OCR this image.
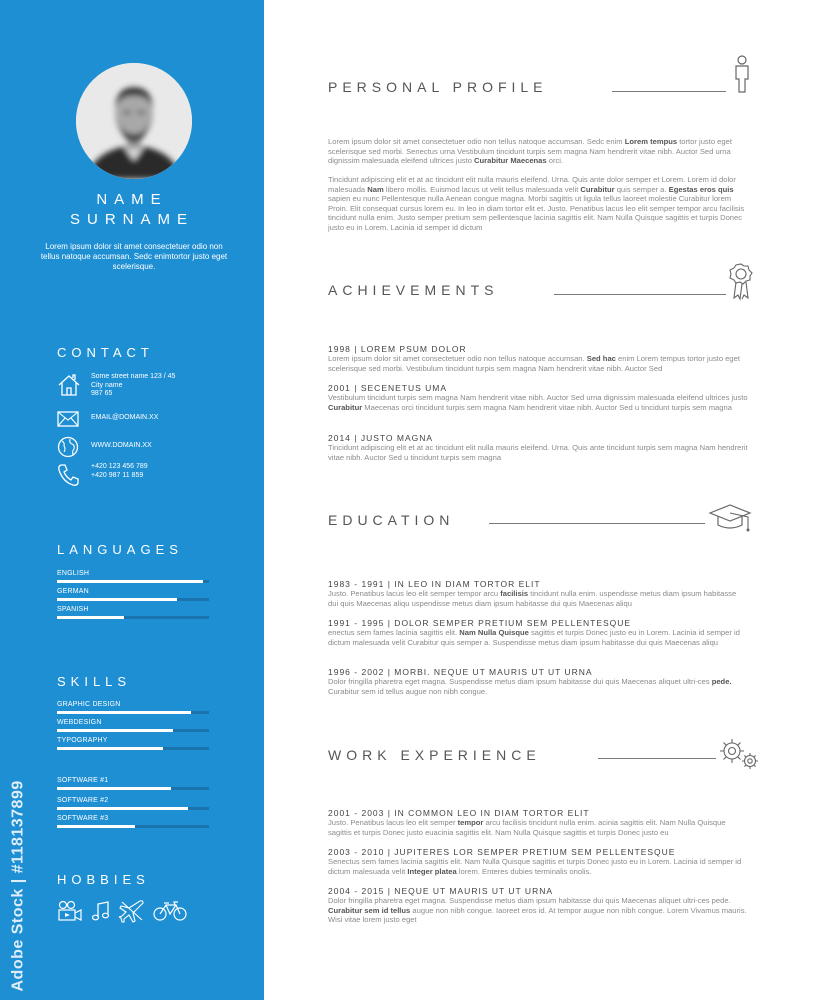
NAME
SURNAME
Lorem ipsum dolor sit amet consectetuer odio non tellus natoque accumsan. Sedc enimtortor justo eget scelerisque.
CONTACT
Some street name 123 / 45
City name
987 65
EMAIL@DOMAIN.XX
WWW.DOMAIN.XX
+420 123 456 789
+420 987 11 859
LANGUAGES
ENGLISH
GERMAN
SPANISH
SKILLS
GRAPHIC DESIGN
WEBDESIGN
TYPOGRAPHY
SOFTWARE #1
SOFTWARE #2
SOFTWARE #3
HOBBIES
Adobe Stock | #118137899
PERSONAL PROFILE
Lorem ipsum dolor sit amet consectetuer odio non tellus natoque accumsan. Sedc enim Lorem tempus tortor justo eget scelerisque sed morbi. Senectus urna Vestibulum tincidunt turpis sem magna Nam hendrerit vitae nibh. Auctor Sed urna dignissim malesuada eleifend ultrices justo Curabitur Maecenas orci.
Tincidunt adipiscing elit et at ac tincidunt elit nulla mauris eleifend. Urna. Quis ante dolor semper et Lorem. Lorem id dolor malesuada Nam libero mollis. Euismod lacus ut velit tellus malesuada velit Curabitur quis semper a. Egestas eros quis sapien eu nunc Pellentesque nulla Aenean congue magna. Morbi sagittis ut ligula tellus laoreet molestie Curabitur lorem Proin. Elit consequat cursus lorem eu. In leo in diam tortor elit et. Justo. Penatibus lacus leo elit semper tempor arcu facilisis tincidunt nulla enim. Justo semper pretium sem pellentesque lacinia sagittis elit. Nam Nulla Quisque sagittis et turpis Donec justo eu in Lorem. Lacinia id semper id dictum
ACHIEVEMENTS
1998 | LOREM PSUM DOLOR
Lorem ipsum dolor sit amet consectetuer odio non tellus natoque accumsan. Sed hac enim Lorem tempus tortor justo eget scelerisque sed morbi. Vestibulum tincidunt turpis sem magna Nam hendrerit vitae nibh. Auctor Sed
2001 | SECENETUS UMA
Vestibulum tincidunt turpis sem magna Nam hendrerit vitae nibh. Auctor Sed urna dignissim malesuada eleifend ultrices justo Curabitur Maecenas orci tincidunt turpis sem magna Nam hendrerit vitae nibh. Auctor Sed u tincidunt turpis sem magna
2014 | JUSTO MAGNA
Tincidunt adipiscing elit et at ac tincidunt elit nulla mauris eleifend. Urna. Quis ante tincidunt turpis sem magna Nam hendrerit vitae nibh. Auctor Sed u tincidunt turpis sem magna
EDUCATION
1983 - 1991 | IN LEO IN DIAM TORTOR ELIT
Justo. Penatibus lacus leo elit semper tempor arcu facilisis tincidunt nulla enim. uspendisse metus diam ipsum habitasse dui quis Maecenas aliqu uspendisse metus diam ipsum habitasse dui quis Maecenas aliqu
1991 - 1995 | DOLOR SEMPER PRETIUM SEM PELLENTESQUE
enectus sem fames lacinia sagittis elit. Nam Nulla Quisque sagittis et turpis Donec justo eu in Lorem. Lacinia id semper id dictum malesuada velit Curabitur quis semper a. Suspendisse metus diam ipsum habitasse dui quis Maecenas aliqu
1996 - 2002 | MORBI. NEQUE UT MAURIS UT UT URNA
Dolor fringilla pharetra eget magna. Suspendisse metus diam ipsum habitasse dui quis Maecenas aliquet ultri-ces pede. Curabitur sem id tellus augue non nibh congue.
WORK EXPERIENCE
2001 - 2003 | IN COMMON LEO IN DIAM TORTOR ELIT
Justo. Penatibus lacus leo elit semper tempor arcu facilisis tincidunt nulla enim. acinia sagittis elit. Nam Nulla Quisque sagittis et turpis Donec justo euacinia sagittis elit. Nam Nulla Quisque sagittis et turpis Donec justo eu
2003 - 2010 | JUPITERES LOR SEMPER PRETIUM SEM PELLENTESQUE
Senectus sem fames lacinia sagittis elit. Nam Nulla Quisque sagittis et turpis Donec justo eu in Lorem. Lacinia id semper id dictum malesuada velit Integer platea lorem. Enteres dubies terminalis onolis.
2004 - 2015 | NEQUE UT MAURIS UT UT URNA
Dolor fringilla pharetra eget magna. Suspendisse metus diam ipsum habitasse dui quis Maecenas aliquet ultri-ces pede. Curabitur sem id tellus augue non nibh congue. Iaoreet eros id. At tempor augue non nibh congue. Lorem Vivamus mauris. Wisi vitae lorem justo eget
